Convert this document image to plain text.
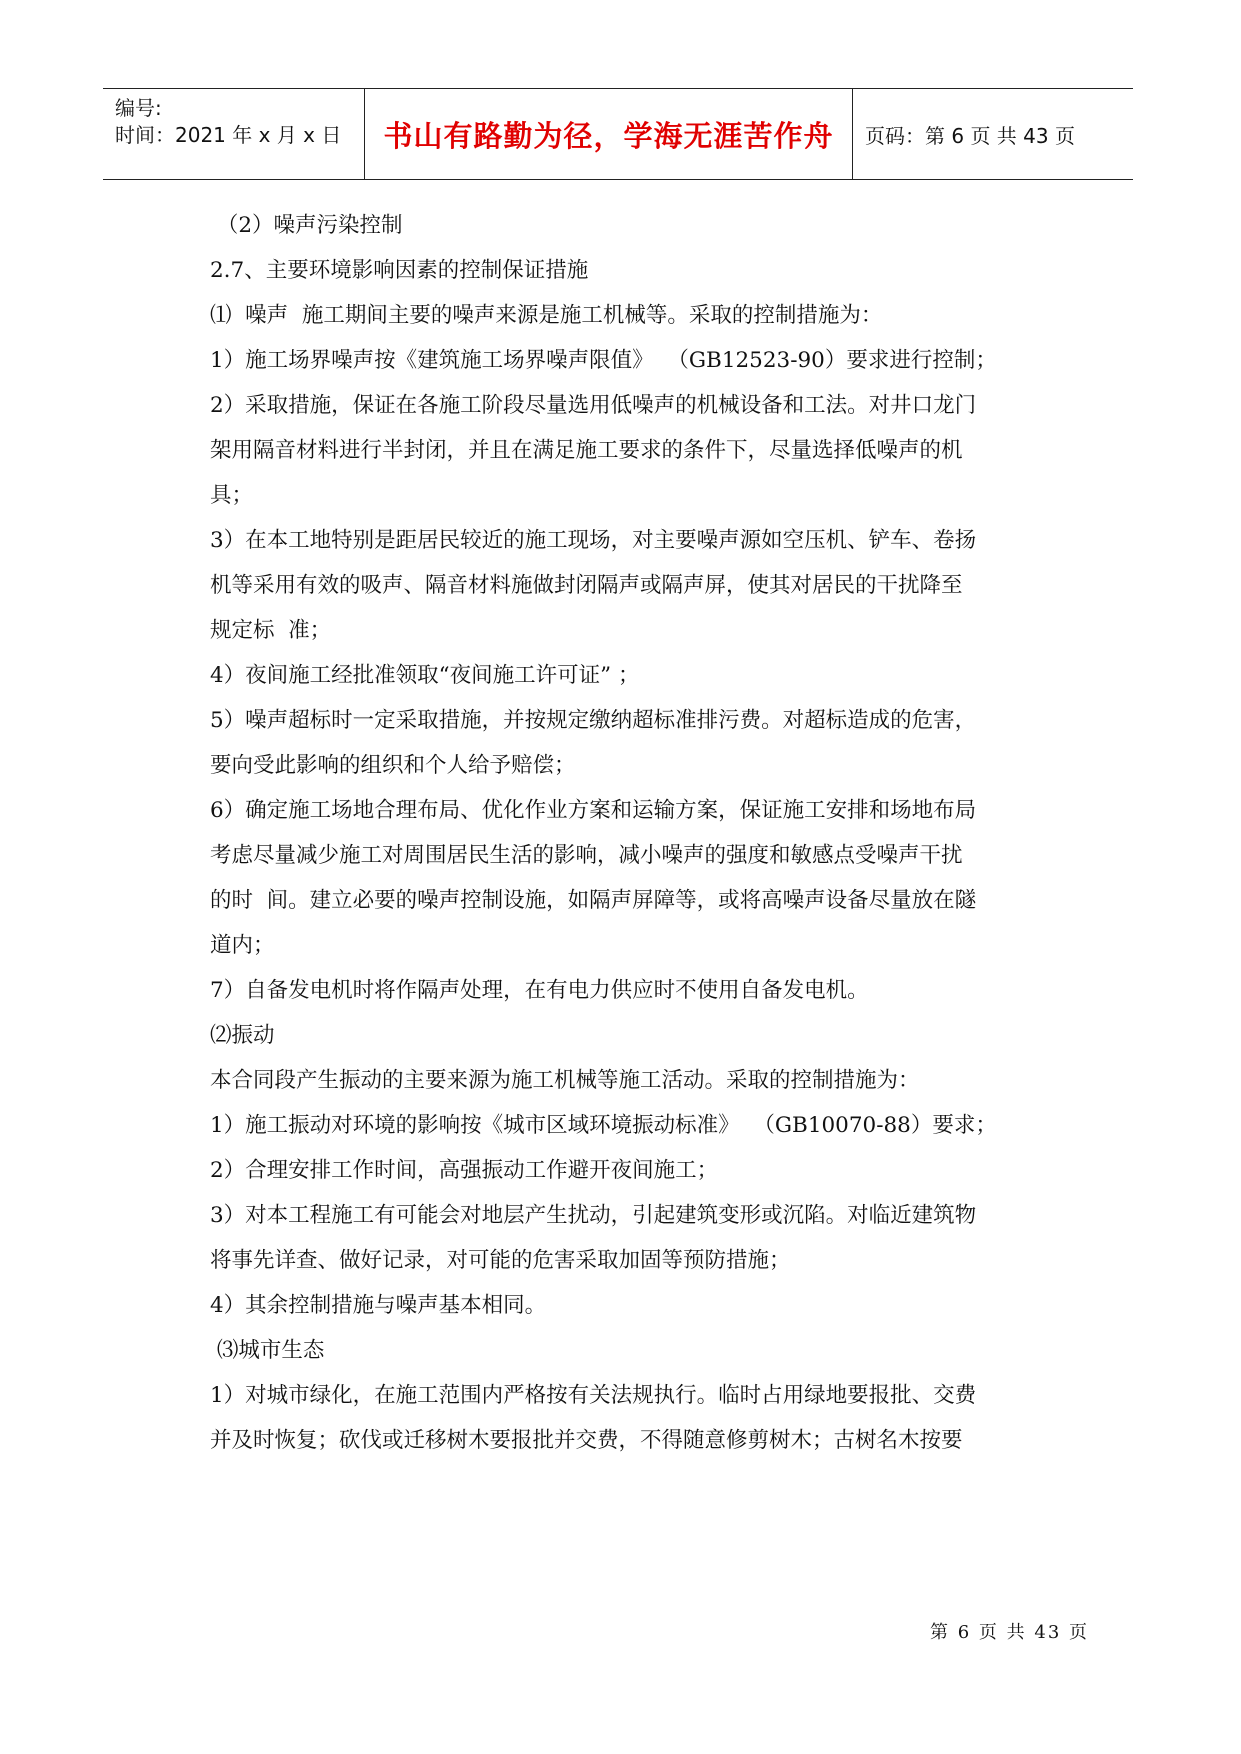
编号:
时间：2021 年 x 月 x 日	书山有路勤为径，学海无涯苦作舟	页码：第 6 页 共 43 页

（2）噪声污染控制

2.7、主要环境影响因素的控制保证措施

⑴  噪声  施工期间主要的噪声来源是施工机械等。采取的控制措施为：

1）施工场界噪声按《建筑施工场界噪声限值》  （GB12523-90）要求进行控制；

2）采取措施，保证在各施工阶段尽量选用低噪声的机械设备和工法。对井口龙门

架用隔音材料进行半封闭，并且在满足施工要求的条件下，尽量选择低噪声的机

具；

3）在本工地特别是距居民较近的施工现场，对主要噪声源如空压机、铲车、卷扬

机等采用有效的吸声、隔音材料施做封闭隔声或隔声屏，使其对居民的干扰降至

规定标  准；

4）夜间施工经批准领取“夜间施工许可证” ；

5）噪声超标时一定采取措施，并按规定缴纳超标准排污费。对超标造成的危害，

要向受此影响的组织和个人给予赔偿；

6）确定施工场地合理布局、优化作业方案和运输方案，保证施工安排和场地布局

考虑尽量减少施工对周围居民生活的影响，减小噪声的强度和敏感点受噪声干扰

的时  间。建立必要的噪声控制设施，如隔声屏障等，或将高噪声设备尽量放在隧

道内；

7）自备发电机时将作隔声处理，在有电力供应时不使用自备发电机。

⑵振动

本合同段产生振动的主要来源为施工机械等施工活动。采取的控制措施为：

1）施工振动对环境的影响按《城市区域环境振动标准》  （GB10070-88）要求；

2）合理安排工作时间，高强振动工作避开夜间施工；

3）对本工程施工有可能会对地层产生扰动，引起建筑变形或沉陷。对临近建筑物

将事先详查、做好记录，对可能的危害采取加固等预防措施；

4）其余控制措施与噪声基本相同。

⑶城市生态

1）对城市绿化，在施工范围内严格按有关法规执行。临时占用绿地要报批、交费

并及时恢复；砍伐或迁移树木要报批并交费，不得随意修剪树木；古树名木按要

第 6 页 共 43 页
